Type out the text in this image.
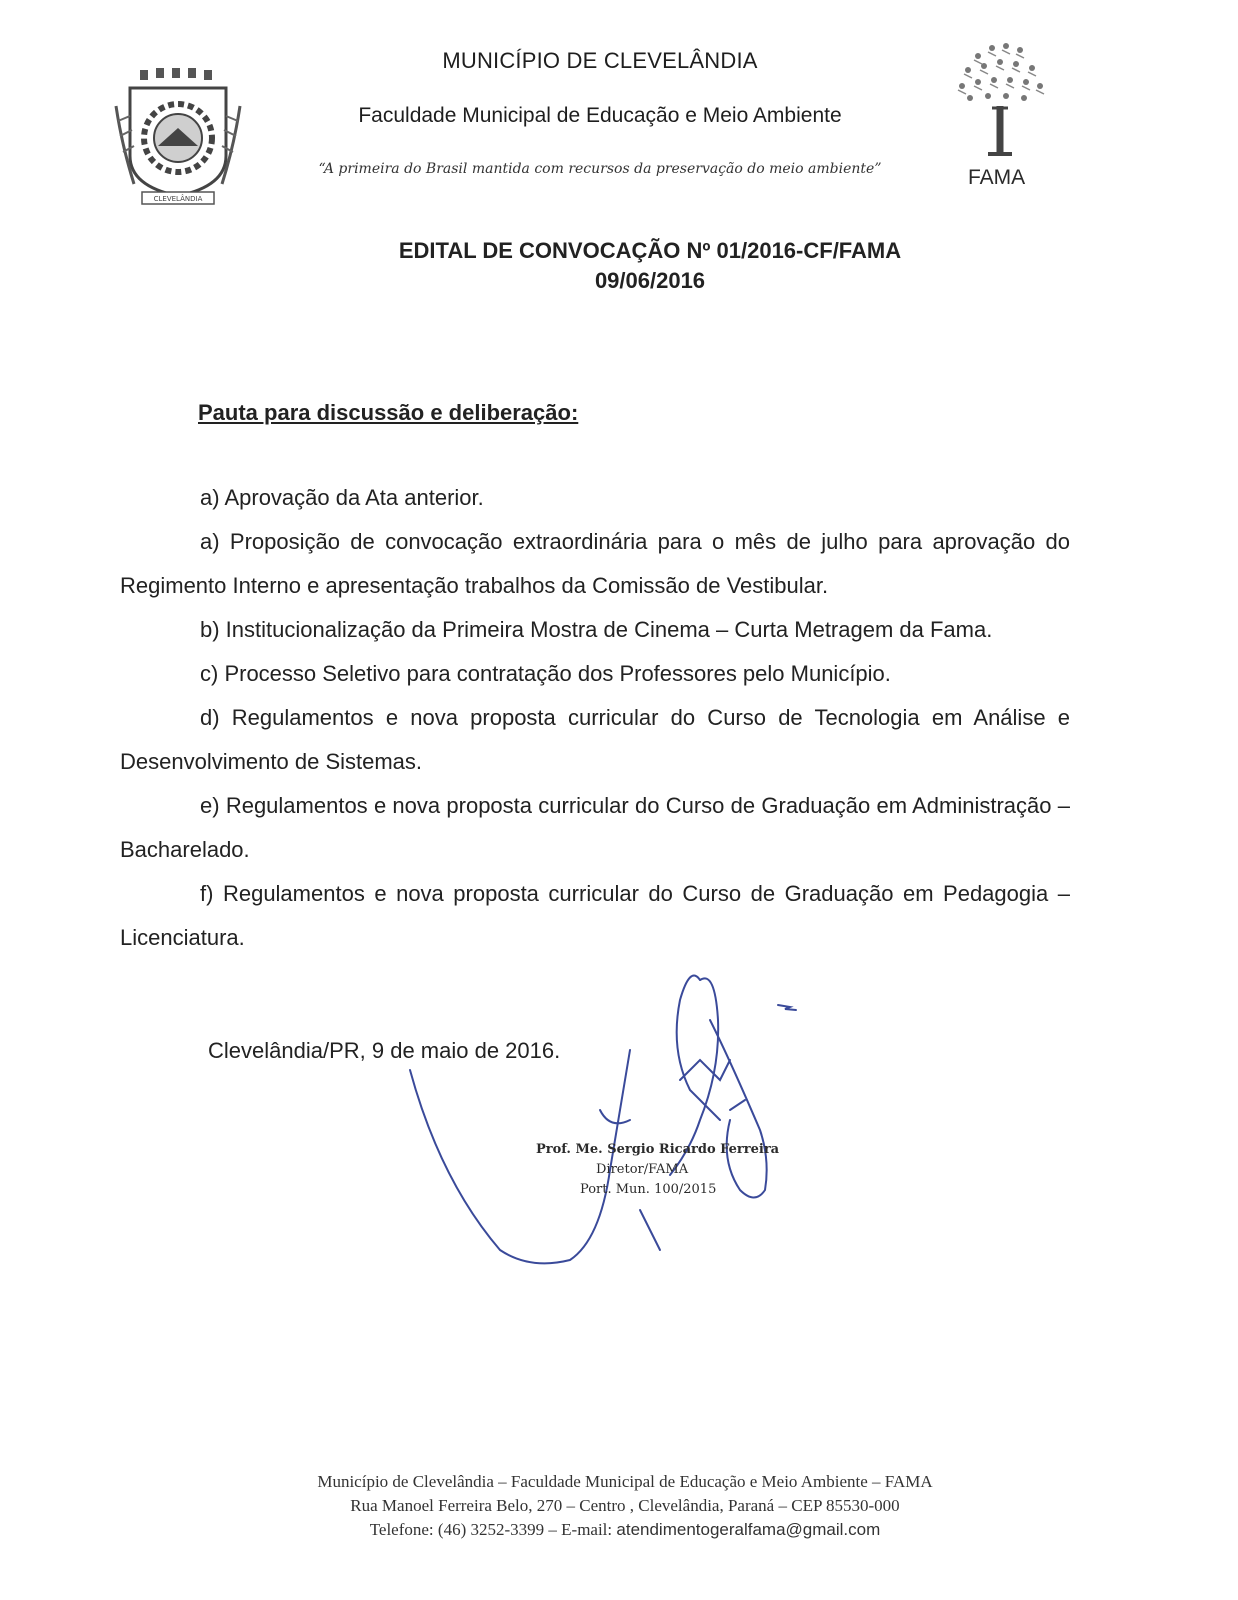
CLEVELÂNDIA
FAMA
MUNICÍPIO DE CLEVELÂNDIA
Faculdade Municipal de Educação e Meio Ambiente
“A primeira do Brasil mantida com recursos da preservação do meio ambiente”
EDITAL DE CONVOCAÇÃO Nº 01/2016-CF/FAMA
09/06/2016
Pauta para discussão e deliberação:

a) Aprovação da Ata anterior.

a) Proposição de convocação extraordinária para o mês de julho para aprovação do Regimento Interno e apresentação trabalhos da Comissão de Vestibular.

b) Institucionalização da Primeira Mostra de Cinema – Curta Metragem da Fama.

c) Processo Seletivo para contratação dos Professores pelo Município.

d) Regulamentos e nova proposta curricular do Curso de Tecnologia em Análise e Desenvolvimento de Sistemas.

e) Regulamentos e nova proposta curricular do Curso de Graduação em Administração – Bacharelado.

f) Regulamentos e nova proposta curricular do Curso de Graduação em Pedagogia – Licenciatura.

Clevelândia/PR, 9 de maio de 2016.
Prof. Me. Sergio Ricardo Ferreira
Diretor/FAMA
Port. Mun. 100/2015
Município de Clevelândia – Faculdade Municipal de Educação e Meio Ambiente – FAMA
Rua Manoel Ferreira Belo, 270 – Centro , Clevelândia, Paraná – CEP 85530-000
Telefone: (46) 3252-3399 – E-mail: atendimentogeralfama@gmail.com
